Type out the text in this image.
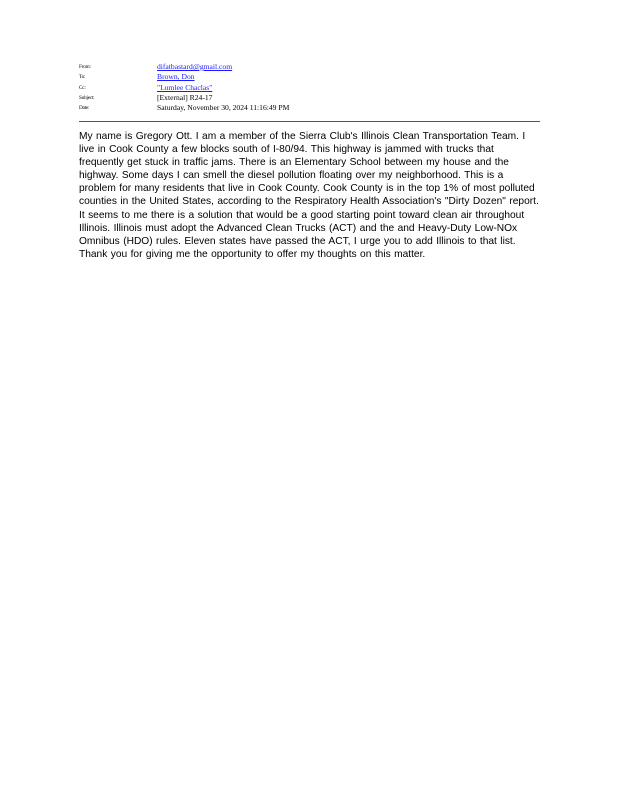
From:	difatbastard@gmail.com
To:	Brown, Don
Cc:	"Lumlee Chaclas"
Subject:	[External] R24-17
Date:	Saturday, November 30, 2024 11:16:49 PM

My name is Gregory Ott. I am a member of the Sierra Club's Illinois Clean Transportation Team. I live in Cook County a few blocks south of I-80/94. This highway is jammed with trucks that frequently get stuck in traffic jams. There is an Elementary School between my house and the highway. Some days I can smell the diesel pollution floating over my neighborhood. This is a problem for many residents that live in Cook County. Cook County is in the top 1% of most polluted counties in the United States, according to the Respiratory Health Association's "Dirty Dozen" report. It seems to me there is a solution that would be a good starting point toward clean air throughout Illinois. Illinois must adopt the Advanced Clean Trucks (ACT) and the and Heavy-Duty Low-NOx Omnibus (HDO) rules. Eleven states have passed the ACT, I urge you to add Illinois to that list. Thank you for giving me the opportunity to offer my thoughts on this matter.
